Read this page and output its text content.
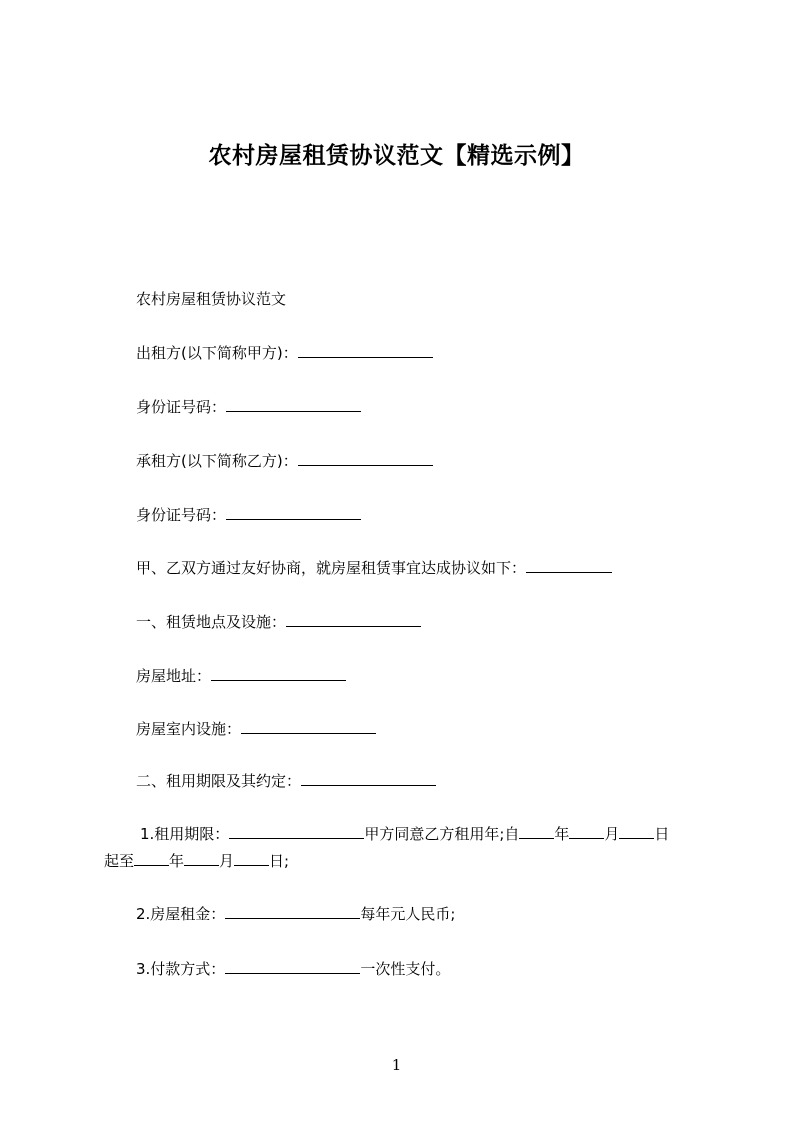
农村房屋租赁协议范文【精选示例】
农村房屋租赁协议范文
出租方(以下简称甲方)：
身份证号码：
承租方(以下简称乙方)：
身份证号码：
甲、乙双方通过友好协商，就房屋租赁事宜达成协议如下：
一、租赁地点及设施：
房屋地址：
房屋室内设施：
二、租用期限及其约定：
1.租用期限：	甲方同意乙方租用年;自 年 月 日
起至 年 月 日;
2.房屋租金：	每年元人民币;
3.付款方式：	一次性支付。
1
